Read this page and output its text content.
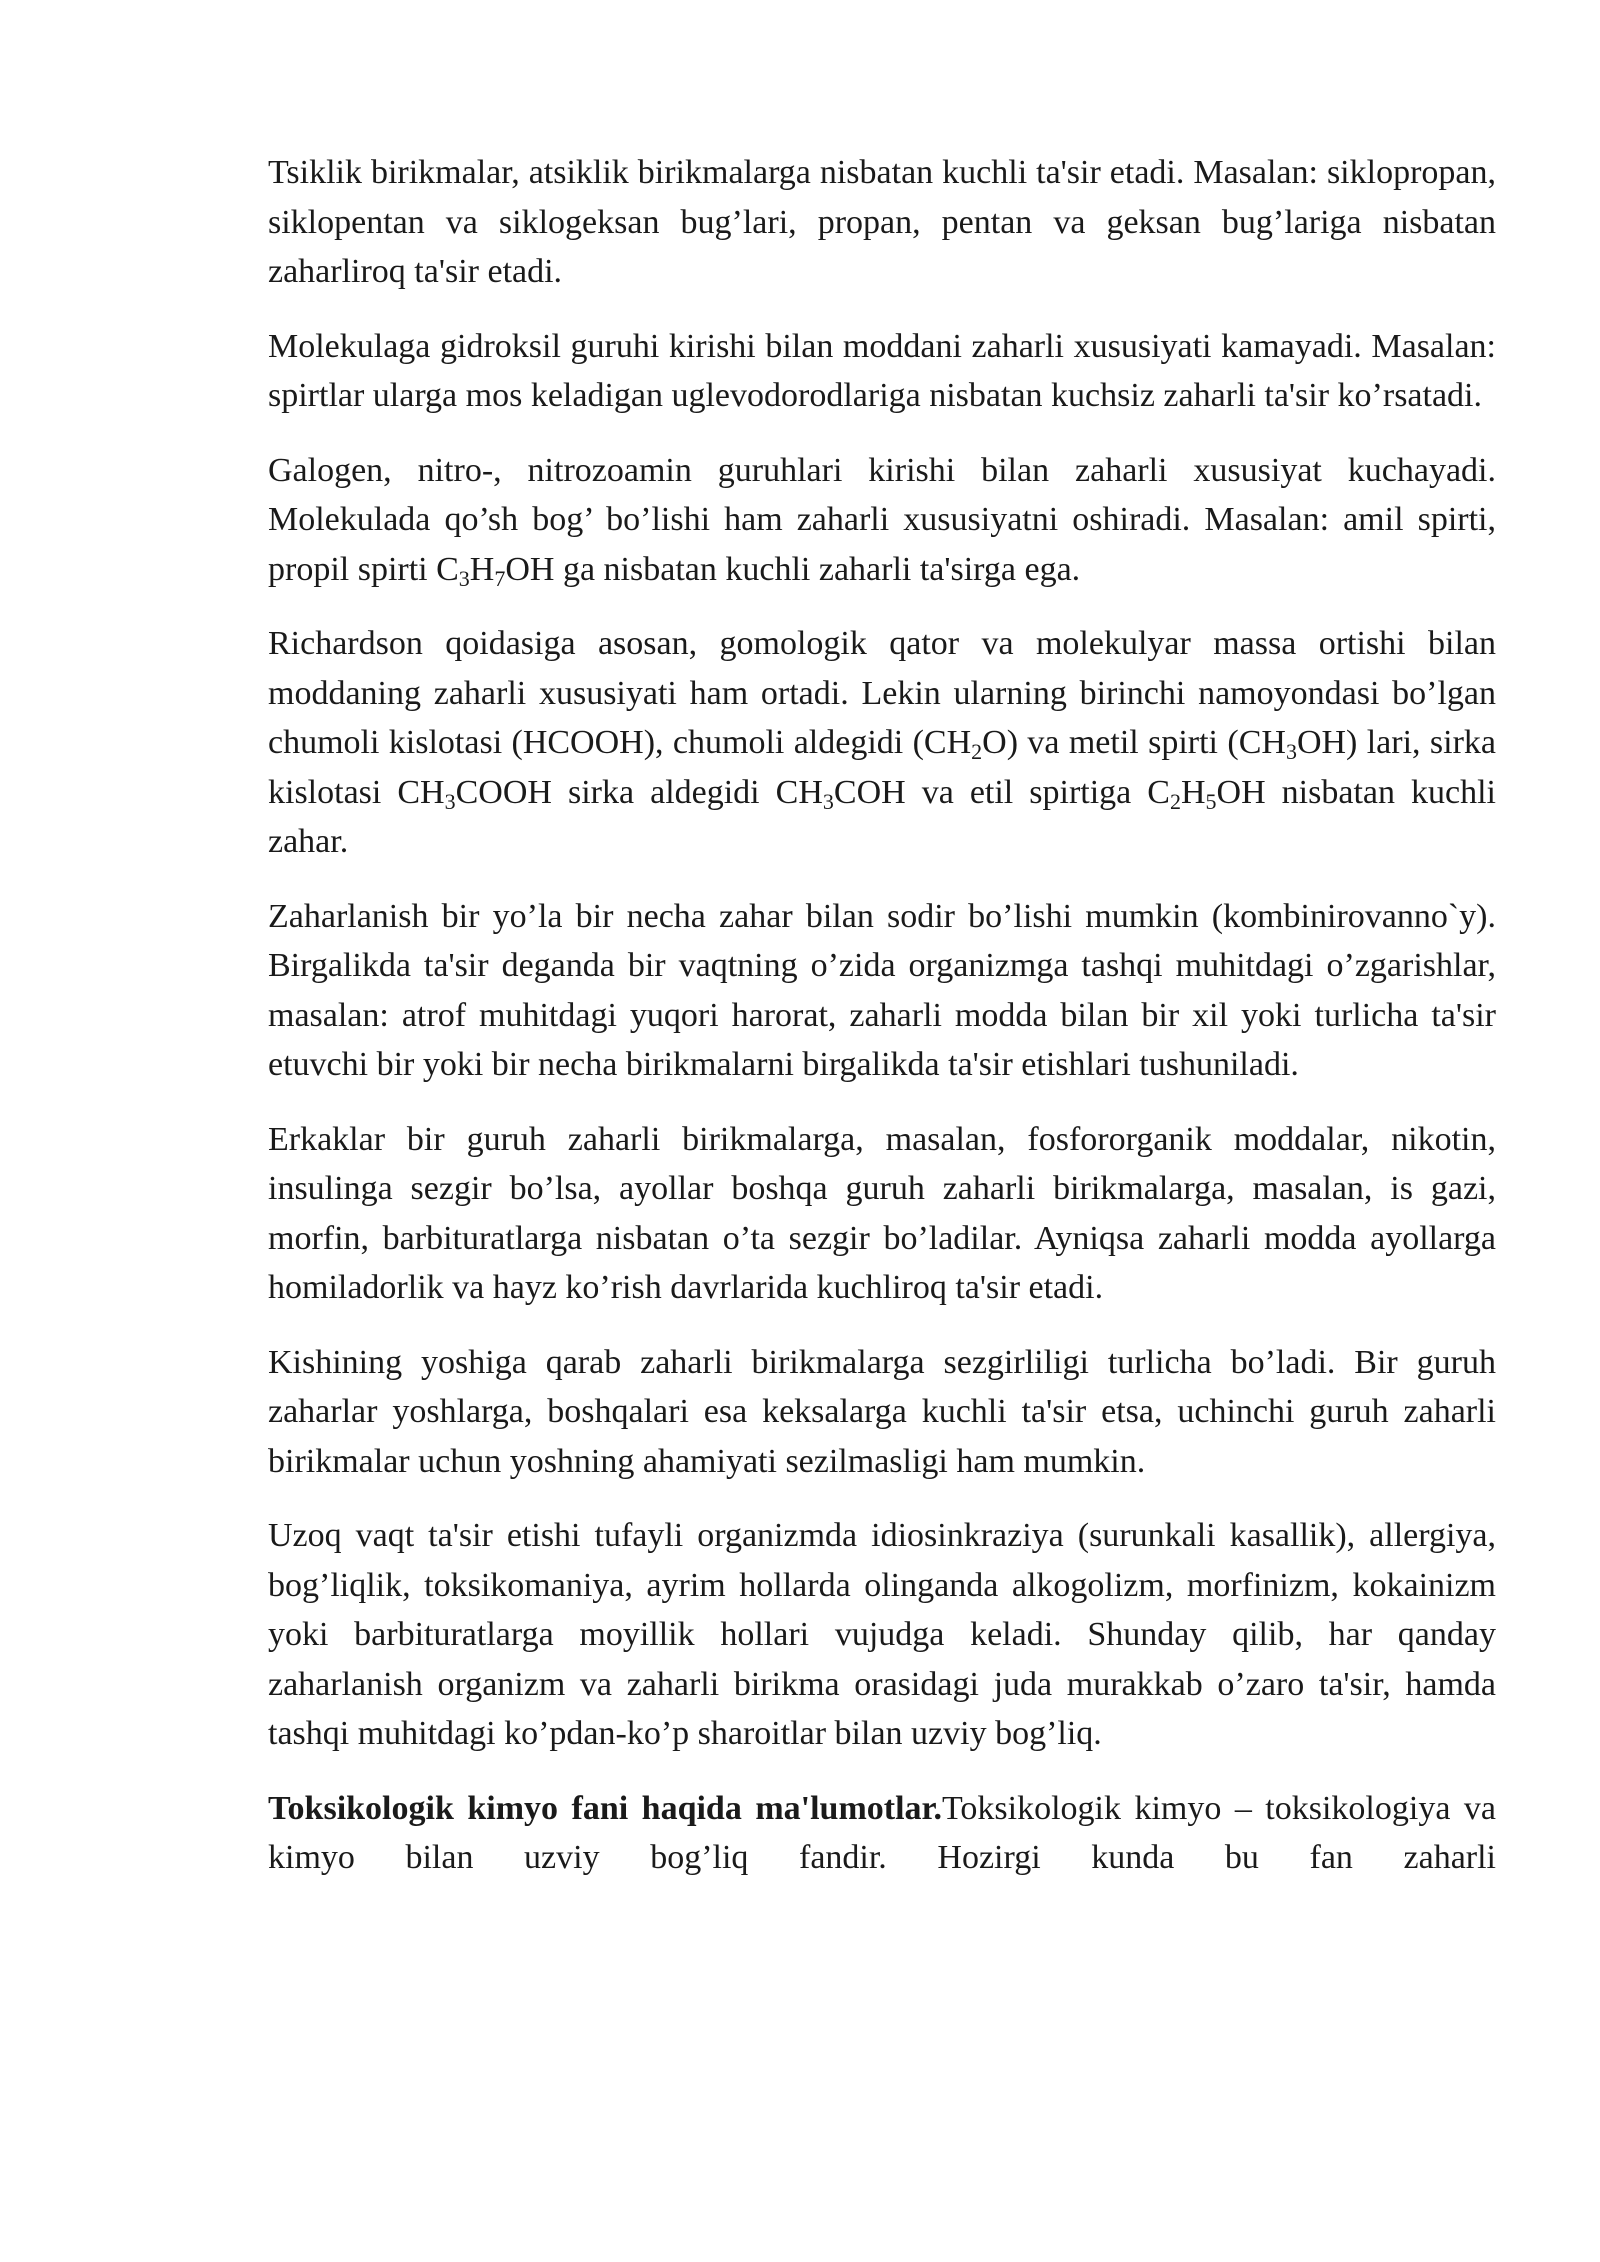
Tsiklik birikmalar, atsiklik birikmalarga nisbatan kuchli ta'sir etadi. Masalan: siklopropan, siklopentan va siklogeksan bug’lari, propan, pentan va geksan bug’lariga nisbatan zaharliroq ta'sir etadi.

Molekulaga gidroksil guruhi kirishi bilan moddani zaharli xususiyati kamayadi. Masalan: spirtlar ularga mos keladigan uglevodorodlariga nisbatan kuchsiz zaharli ta'sir ko’rsatadi.

Galogen, nitro-, nitrozoamin guruhlari kirishi bilan zaharli xususiyat kuchayadi. Molekulada qo’sh bog’ bo’lishi ham zaharli xususiyatni oshiradi. Masalan: amil spirti, propil spirti $C_3H_7OH$ ga nisbatan kuchli zaharli ta'sirga ega.

Richardson qoidasiga asosan, gomologik qator va molekulyar massa ortishi bilan moddaning zaharli xususiyati ham ortadi. Lekin ularning birinchi namoyondasi bo’lgan chumoli kislotasi (HCOOH), chumoli aldegidi $(CH_2O)$ va metil spirti $(CH_3OH)$ lari, sirka kislotasi $CH_3COOH$ sirka aldegidi $CH_3COH$ va etil spirtiga $C_2H_5OH$ nisbatan kuchli zahar.

Zaharlanish bir yo’la bir necha zahar bilan sodir bo’lishi mumkin (kombinirovanno`y). Birgalikda ta'sir deganda bir vaqtning o’zida organizmga tashqi muhitdagi o’zgarishlar, masalan: atrof muhitdagi yuqori harorat, zaharli modda bilan bir xil yoki turlicha ta'sir etuvchi bir yoki bir necha birikmalarni birgalikda ta'sir etishlari tushuniladi.

Erkaklar bir guruh zaharli birikmalarga, masalan, fosfororganik moddalar, nikotin, insulinga sezgir bo’lsa, ayollar boshqa guruh zaharli birikmalarga, masalan, is gazi, morfin, barbituratlarga nisbatan o’ta sezgir bo’ladilar. Ayniqsa zaharli modda ayollarga homiladorlik va hayz ko’rish davrlarida kuchliroq ta'sir etadi.

Kishining yoshiga qarab zaharli birikmalarga sezgirliligi turlicha bo’ladi. Bir guruh zaharlar yoshlarga, boshqalari esa keksalarga kuchli ta'sir etsa, uchinchi guruh zaharli birikmalar uchun yoshning ahamiyati sezilmasligi ham mumkin.

Uzoq vaqt ta'sir etishi tufayli organizmda idiosinkraziya (surunkali kasallik), allergiya, bog’liqlik, toksikomaniya, ayrim hollarda olinganda alkogolizm, morfinizm, kokainizm yoki barbituratlarga moyillik hollari vujudga keladi. Shunday qilib, har qanday zaharlanish organizm va zaharli birikma orasidagi juda murakkab o’zaro ta'sir, hamda tashqi muhitdagi ko’pdan-ko’p sharoitlar bilan uzviy bog’liq.

Toksikologik kimyo fani haqida ma'lumotlar.Toksikologik kimyo – toksikologiya va kimyo bilan uzviy bog’liq fandir. Hozirgi kunda bu fan zaharli
